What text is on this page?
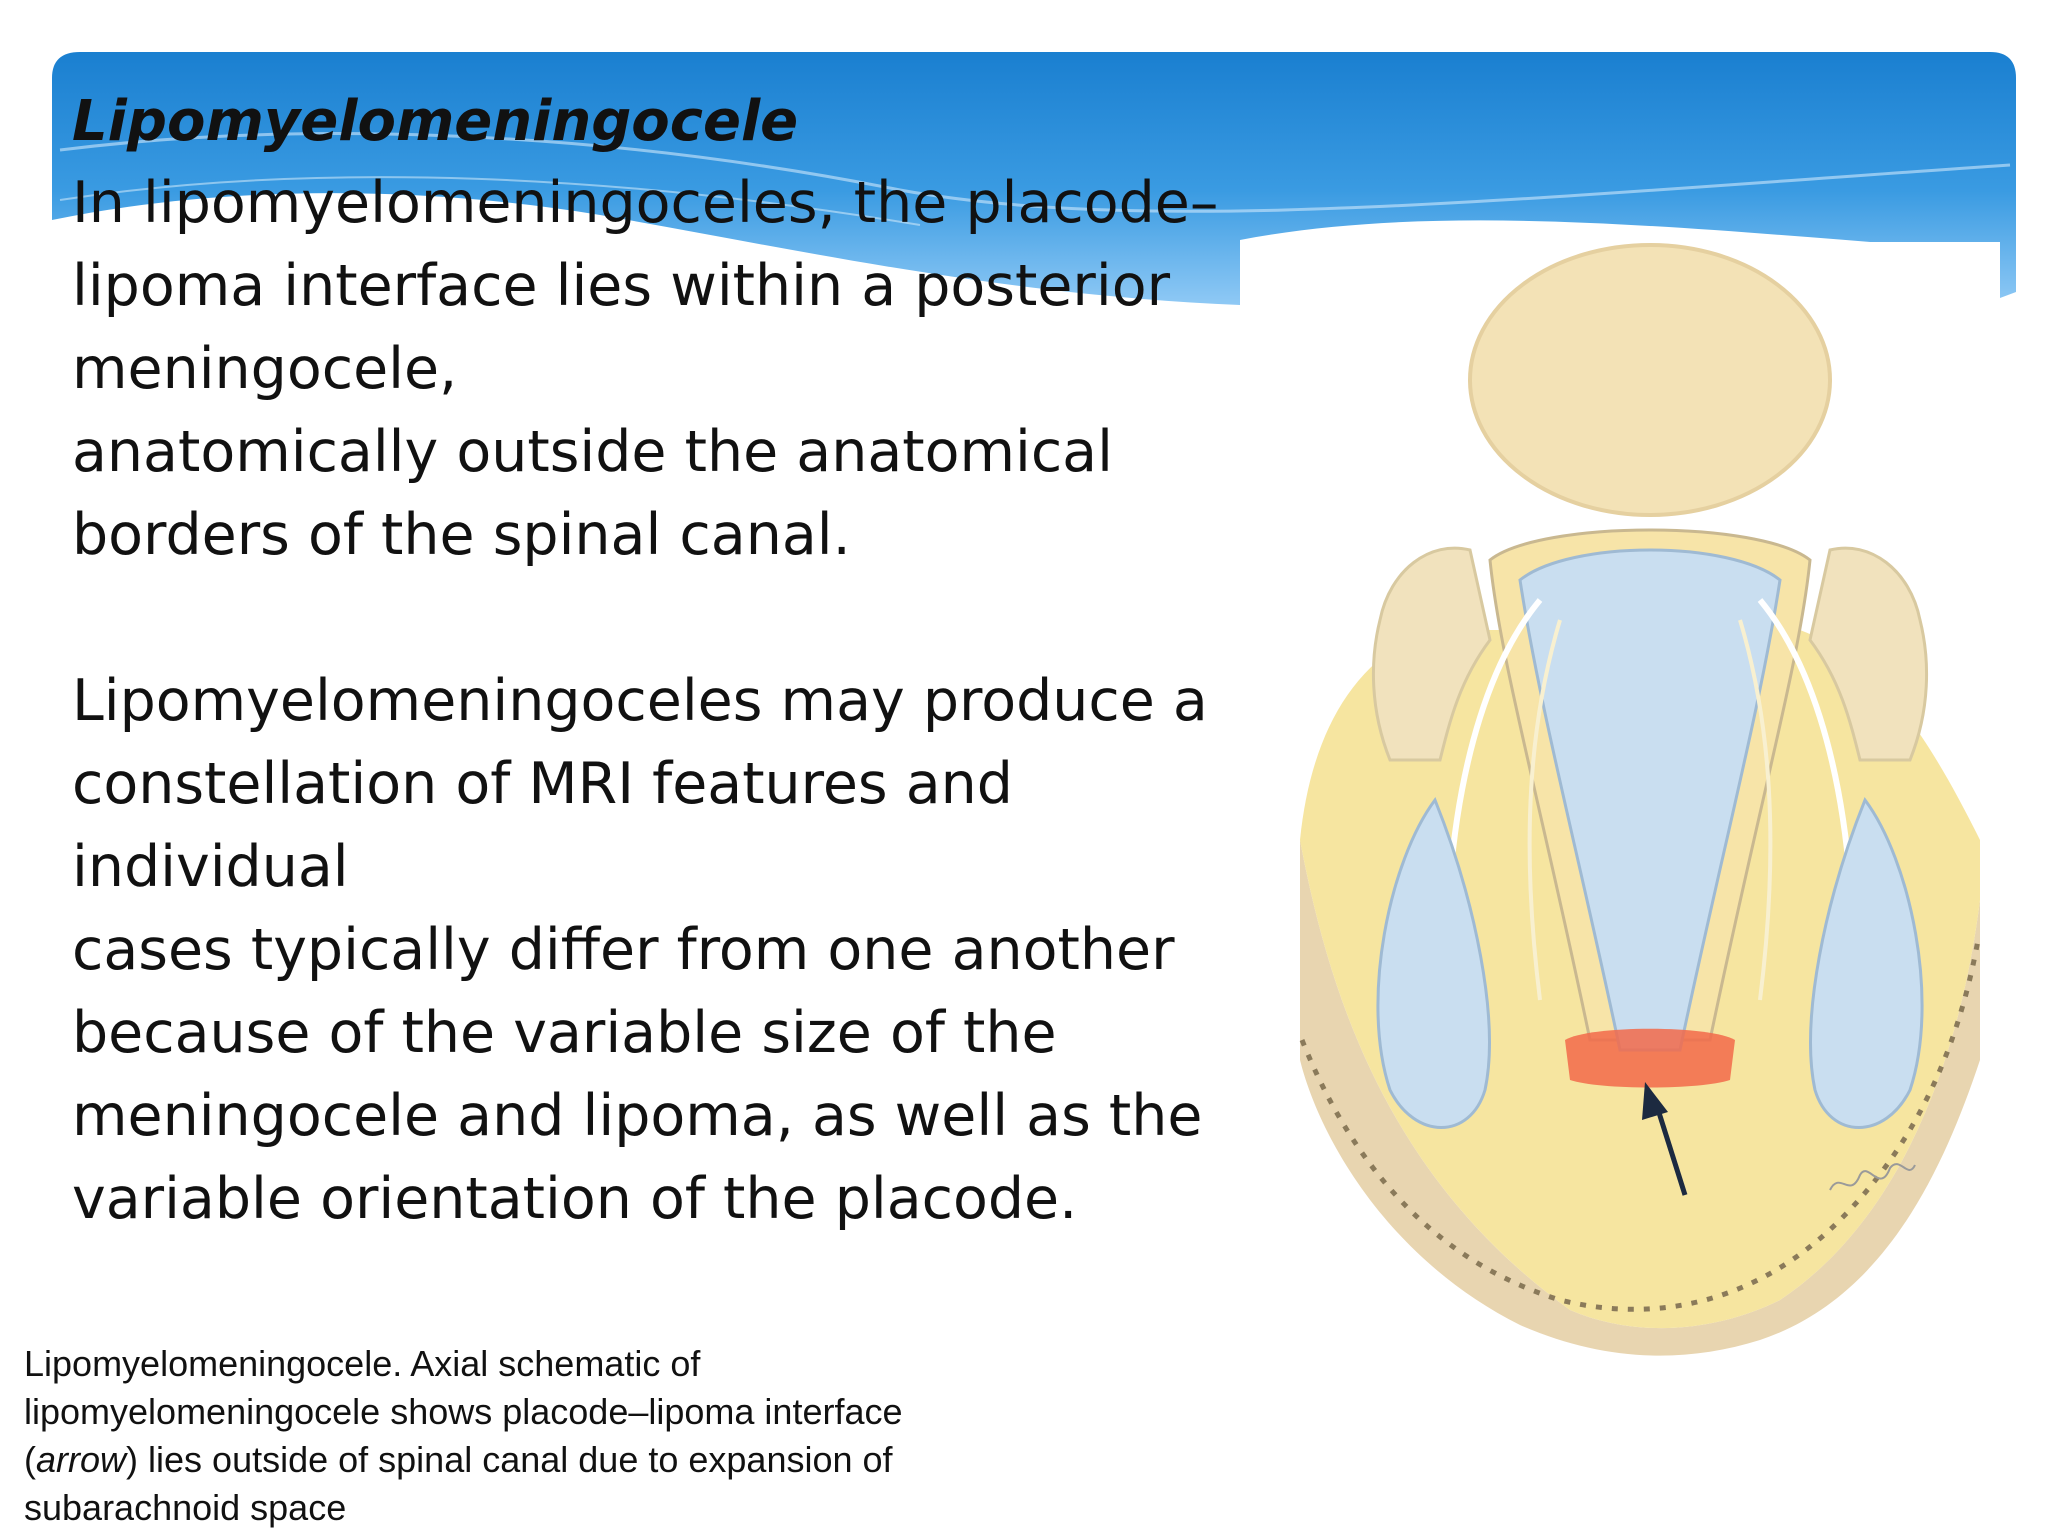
Lipomyelomeningocele

In lipomyelomeningoceles, the placode–
lipoma interface lies within a posterior
meningocele,
anatomically outside the anatomical
borders of the spinal canal.

Lipomyelomeningoceles may produce a
constellation of MRI features and
individual
cases typically differ from one another
because of the variable size of the
meningocele and lipoma, as well as the
variable orientation of the placode.

Lipomyelomeningocele. Axial schematic of lipomyelomeningocele shows placode–lipoma interface (arrow) lies outside of spinal canal due to expansion of subarachnoid space
